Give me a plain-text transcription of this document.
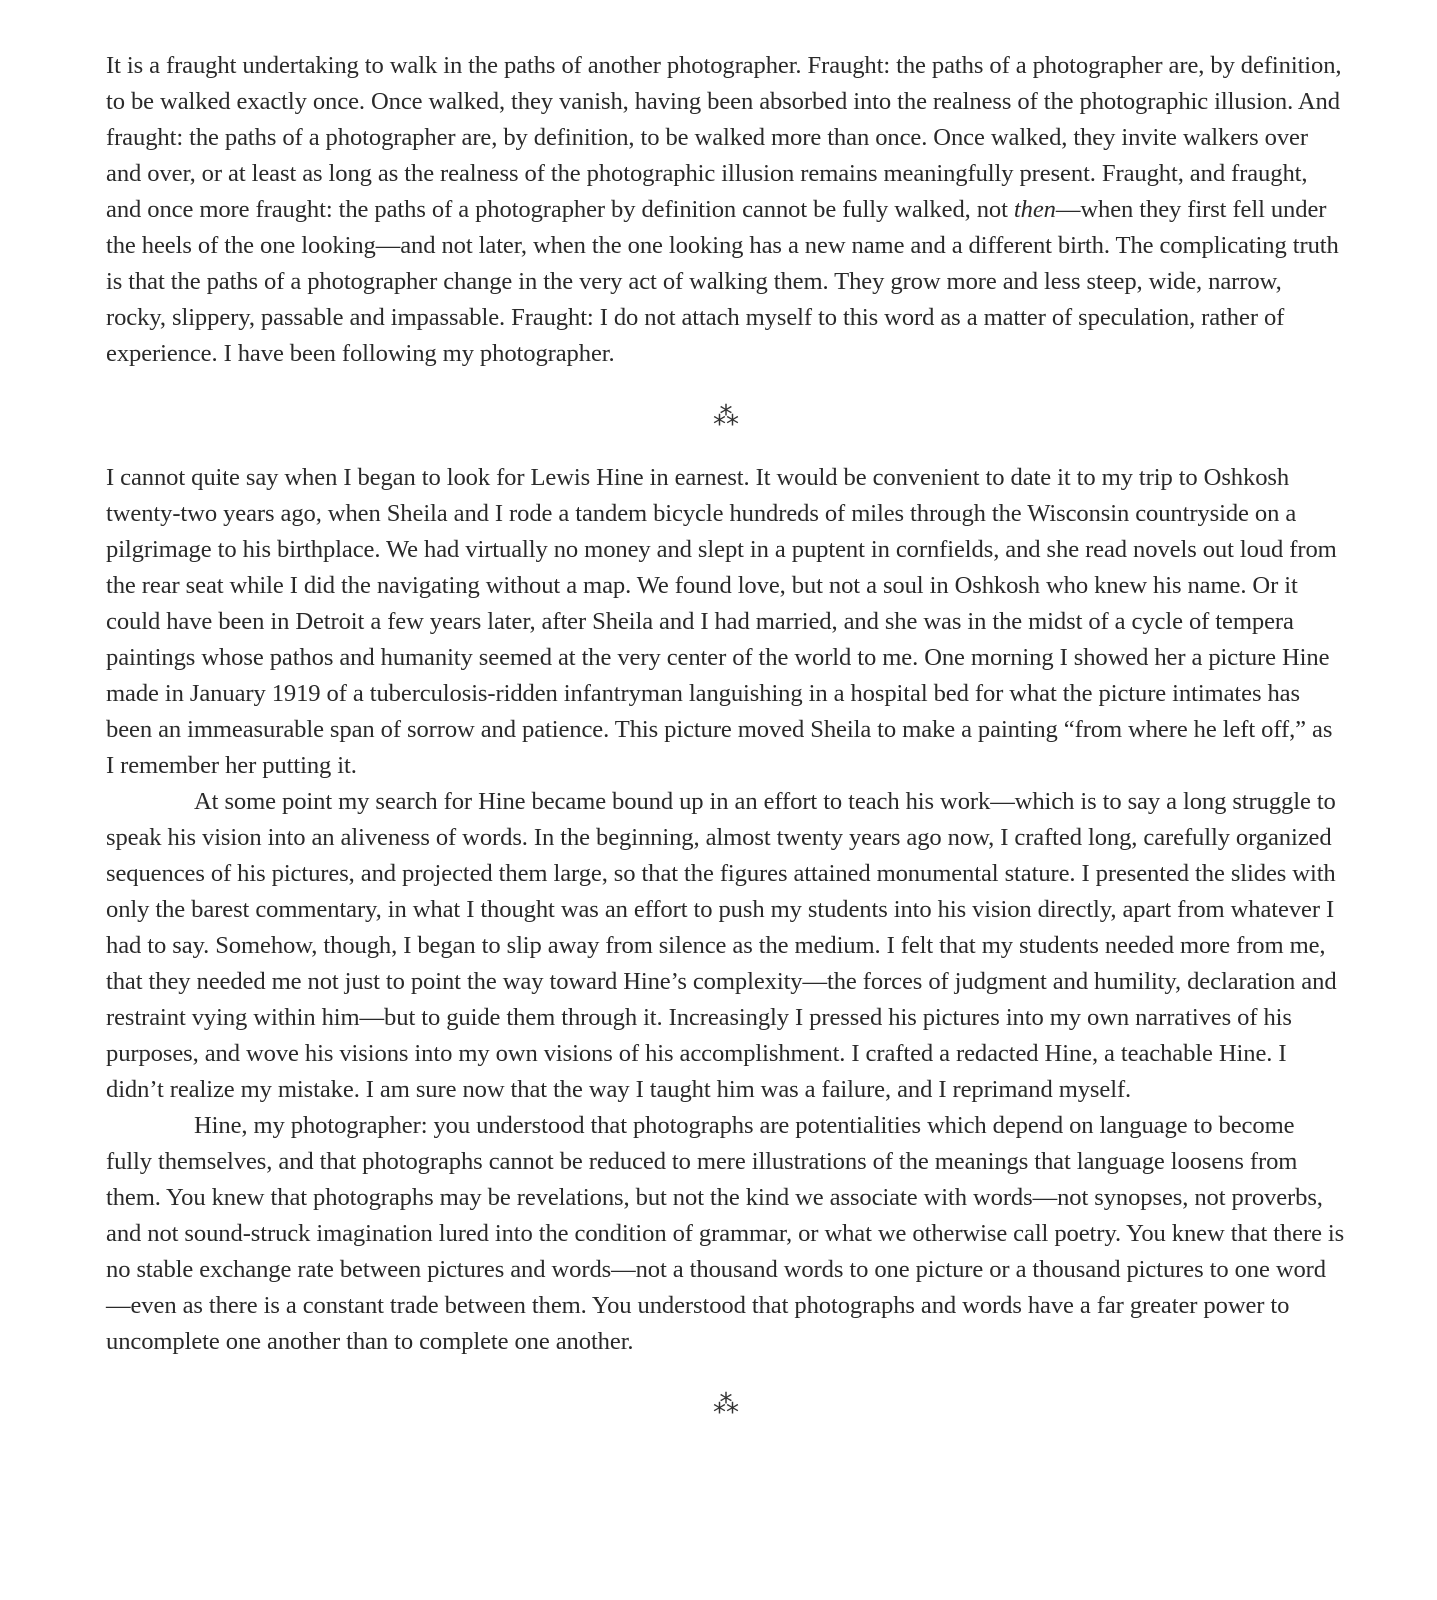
It is a fraught undertaking to walk in the paths of another photographer. Fraught: the paths of a photographer are, by definition, to be walked exactly once. Once walked, they vanish, having been absorbed into the realness of the photographic illusion. And fraught: the paths of a photographer are, by definition, to be walked more than once. Once walked, they invite walkers over and over, or at least as long as the realness of the photographic illusion remains meaningfully present. Fraught, and fraught, and once more fraught: the paths of a photographer by definition cannot be fully walked, not then—when they first fell under the heels of the one looking—and not later, when the one looking has a new name and a different birth. The complicating truth is that the paths of a photographer change in the very act of walking them. They grow more and less steep, wide, narrow, rocky, slippery, passable and impassable. Fraught: I do not attach myself to this word as a matter of speculation, rather of experience. I have been following my photographer.

⁂

I cannot quite say when I began to look for Lewis Hine in earnest. It would be convenient to date it to my trip to Oshkosh twenty-two years ago, when Sheila and I rode a tandem bicycle hundreds of miles through the Wisconsin countryside on a pilgrimage to his birthplace. We had virtually no money and slept in a puptent in cornfields, and she read novels out loud from the rear seat while I did the navigating without a map. We found love, but not a soul in Oshkosh who knew his name. Or it could have been in Detroit a few years later, after Sheila and I had married, and she was in the midst of a cycle of tempera paintings whose pathos and humanity seemed at the very center of the world to me. One morning I showed her a picture Hine made in January 1919 of a tuberculosis-ridden infantryman languishing in a hospital bed for what the picture intimates has been an immeasurable span of sorrow and patience. This picture moved Sheila to make a painting “from where he left off,” as I remember her putting it.

At some point my search for Hine became bound up in an effort to teach his work—which is to say a long struggle to speak his vision into an aliveness of words. In the beginning, almost twenty years ago now, I crafted long, carefully organized sequences of his pictures, and projected them large, so that the figures attained monumental stature. I presented the slides with only the barest commentary, in what I thought was an effort to push my students into his vision directly, apart from whatever I had to say. Somehow, though, I began to slip away from silence as the medium. I felt that my students needed more from me, that they needed me not just to point the way toward Hine’s complexity—the forces of judgment and humility, declaration and restraint vying within him—but to guide them through it. Increasingly I pressed his pictures into my own narratives of his purposes, and wove his visions into my own visions of his accomplishment. I crafted a redacted Hine, a teachable Hine. I didn’t realize my mistake. I am sure now that the way I taught him was a failure, and I reprimand myself.

Hine, my photographer: you understood that photographs are potentialities which depend on language to become fully themselves, and that photographs cannot be reduced to mere illustrations of the meanings that language loosens from them. You knew that photographs may be revelations, but not the kind we associate with words—not synopses, not proverbs, and not sound-struck imagination lured into the condition of grammar, or what we otherwise call poetry. You knew that there is no stable exchange rate between pictures and words—not a thousand words to one picture or a thousand pictures to one word—even as there is a constant trade between them. You understood that photographs and words have a far greater power to uncomplete one another than to complete one another.

⁂
